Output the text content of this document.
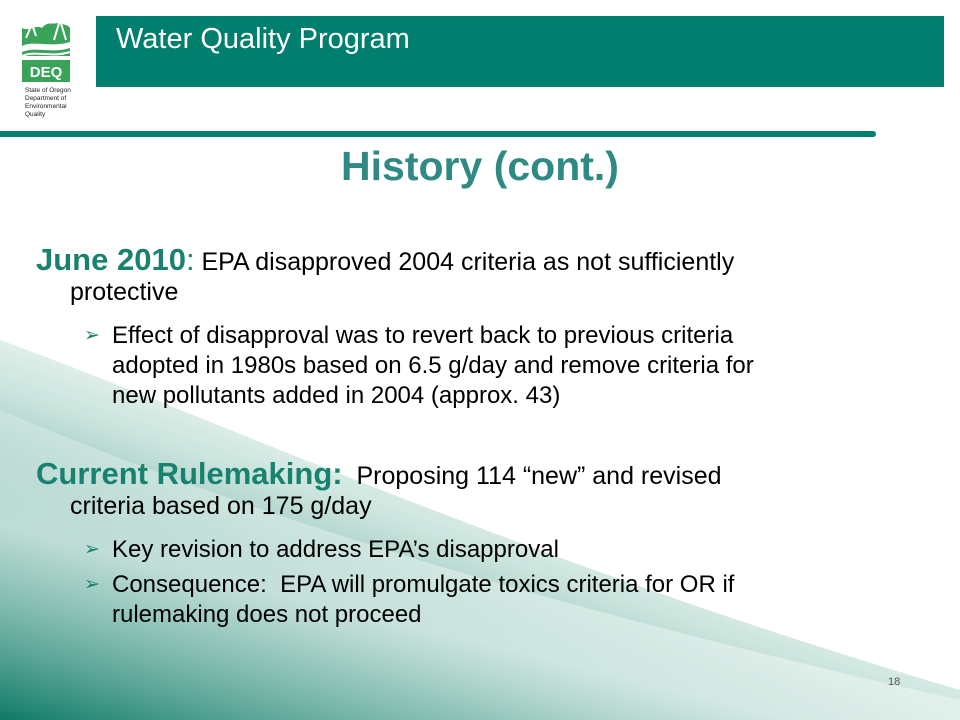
DEQ
State of Oregon
Department of
Environmental
Quality
Water Quality Program
History (cont.)
June 2010: EPA disapproved 2004 criteria as not sufficiently
protective
➢ Effect of disapproval was to revert back to previous criteria
adopted in 1980s based on 6.5 g/day and remove criteria for
new pollutants added in 2004 (approx. 43)
Current Rulemaking:  Proposing 114 “new” and revised
criteria based on 175 g/day
➢ Key revision to address EPA’s disapproval
➢ Consequence:  EPA will promulgate toxics criteria for OR if
rulemaking does not proceed
18
